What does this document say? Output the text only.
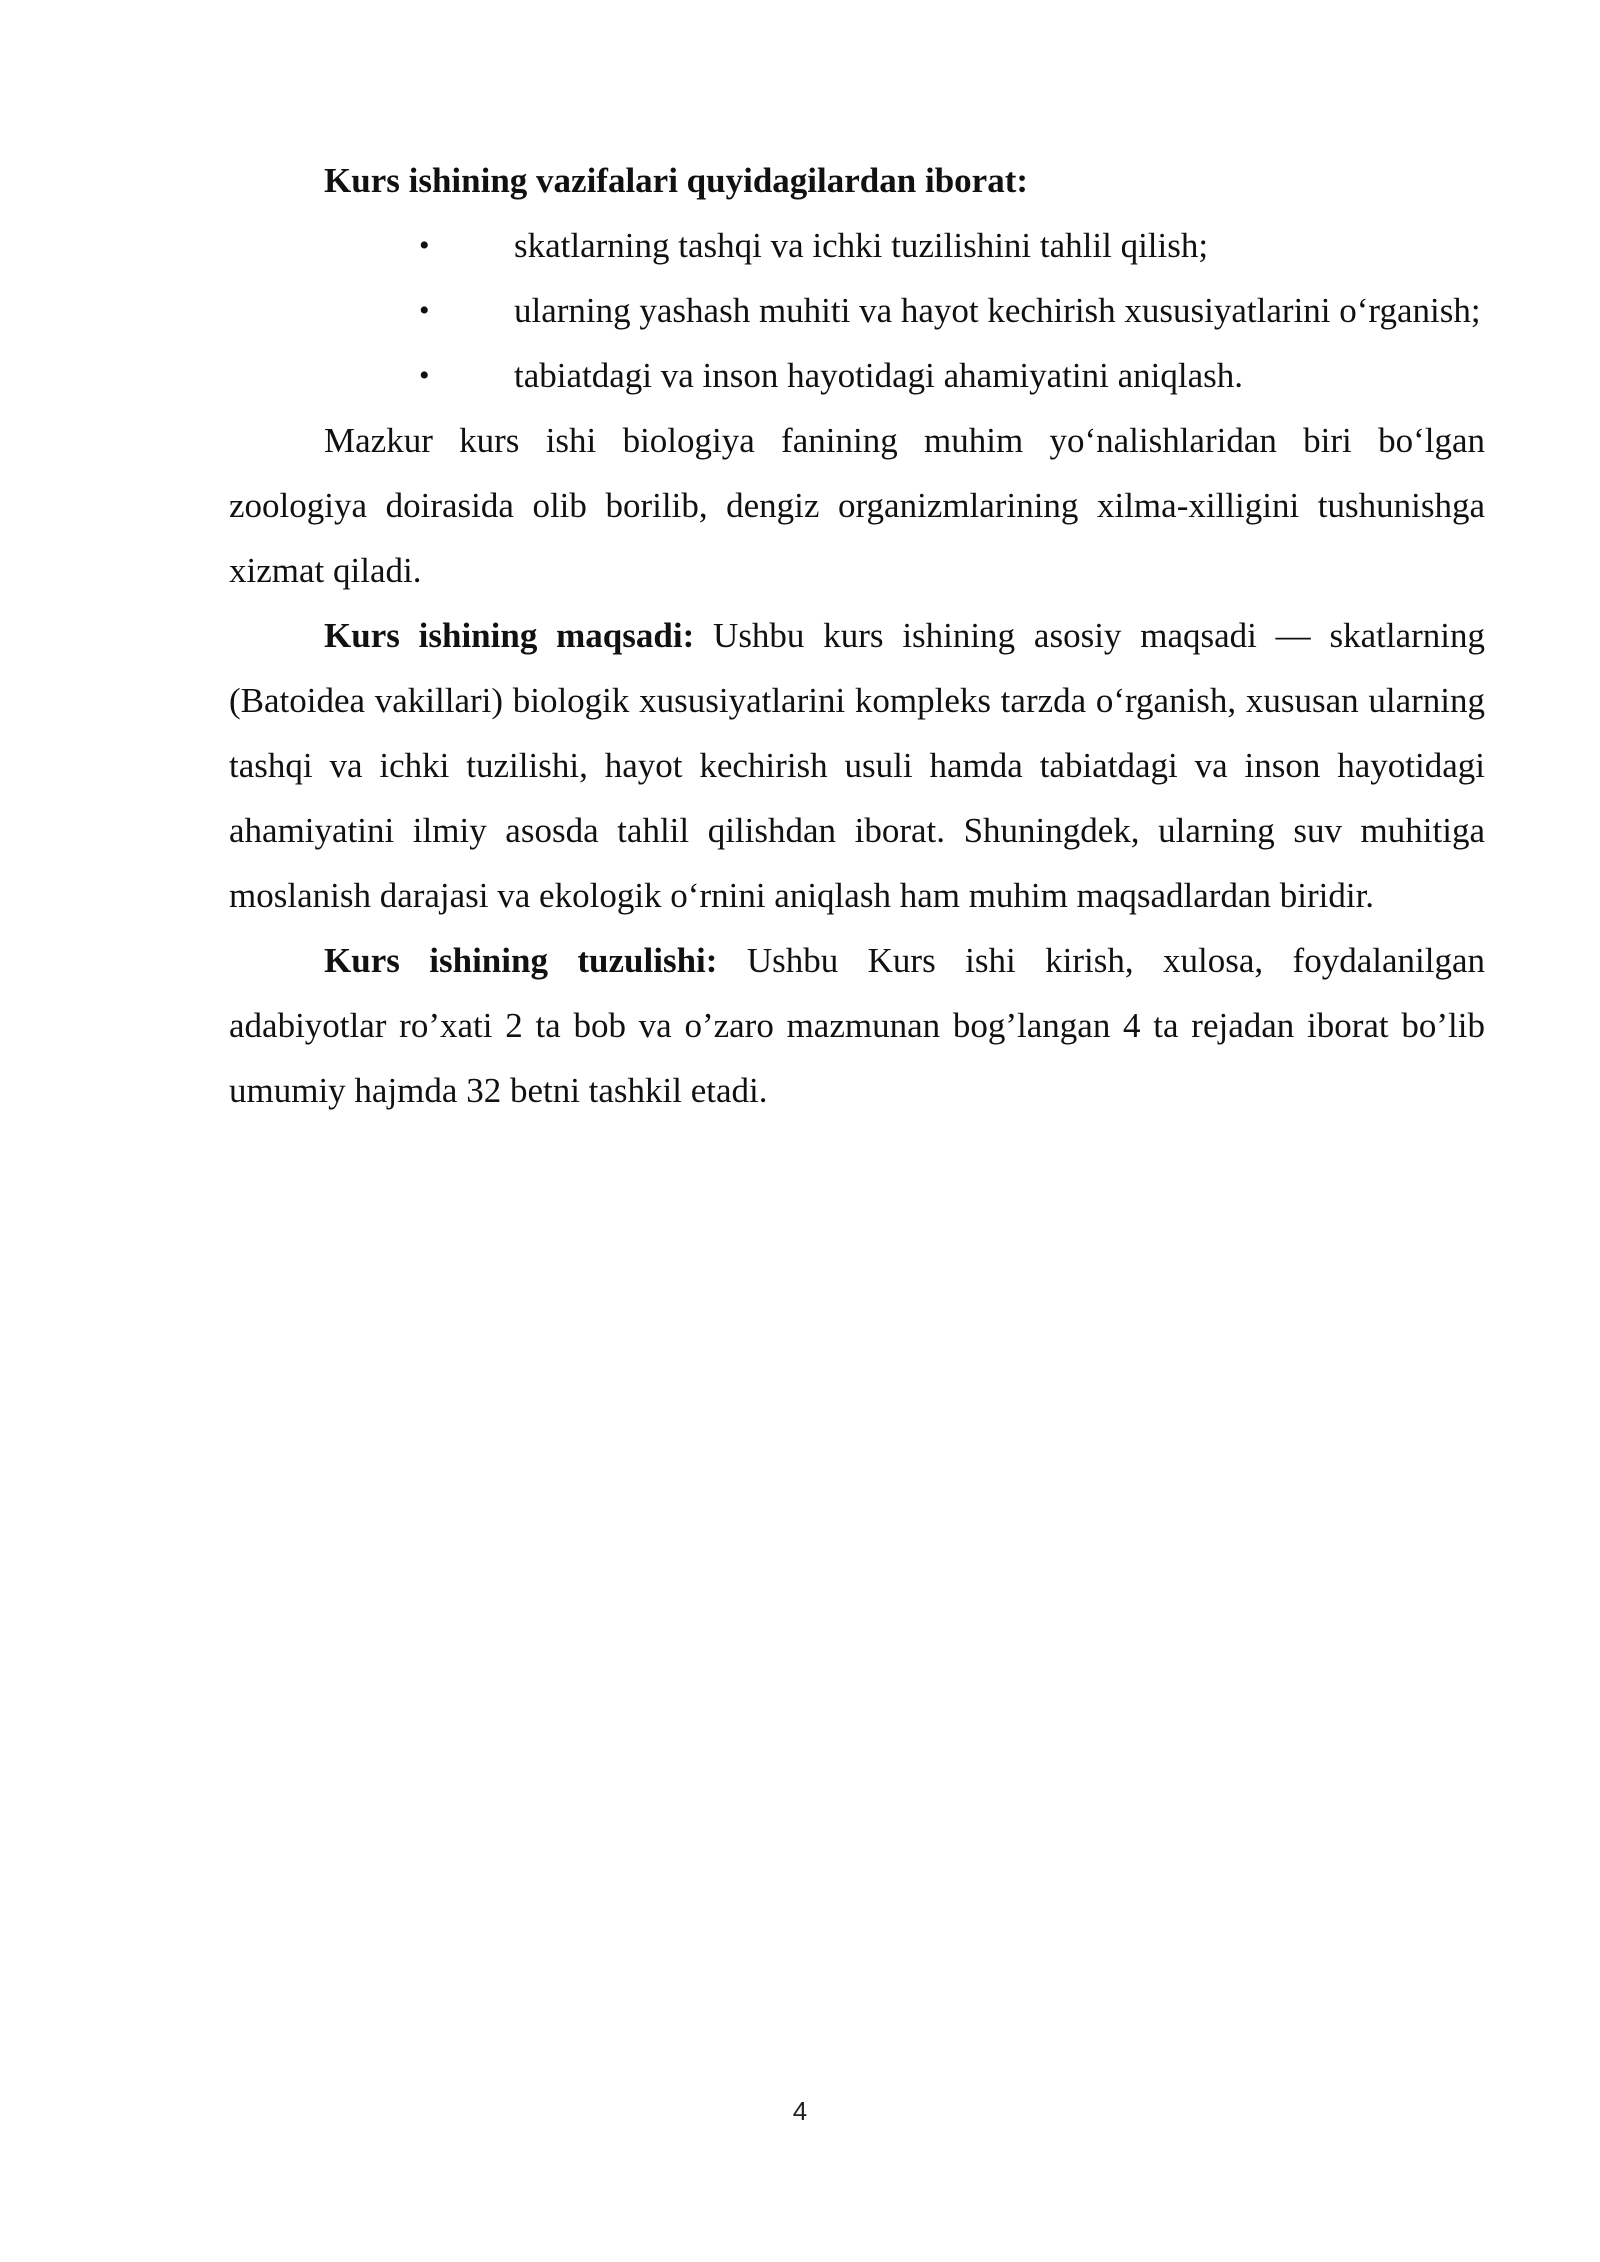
Kurs ishining vazifalari quyidagilardan iborat:

• skatlarning tashqi va ichki tuzilishini tahlil qilish;
• ularning yashash muhiti va hayot kechirish xususiyatlarini o‘rganish;
• tabiatdagi va inson hayotidagi ahamiyatini aniqlash.

Mazkur kurs ishi biologiya fanining muhim yo‘nalishlaridan biri bo‘lgan zoologiya doirasida olib borilib, dengiz organizmlarining xilma-xilligini tushunishga xizmat qiladi.

Kurs ishining maqsadi: Ushbu kurs ishining asosiy maqsadi — skatlarning (Batoidea vakillari) biologik xususiyatlarini kompleks tarzda o‘rganish, xususan ularning tashqi va ichki tuzilishi, hayot kechirish usuli hamda tabiatdagi va inson hayotidagi ahamiyatini ilmiy asosda tahlil qilishdan iborat. Shuningdek, ularning suv muhitiga moslanish darajasi va ekologik o‘rnini aniqlash ham muhim maqsadlardan biridir.

Kurs ishining tuzulishi: Ushbu Kurs ishi kirish, xulosa, foydalanilgan adabiyotlar ro’xati 2 ta bob va o’zaro mazmunan bog’langan 4 ta rejadan iborat bo’lib umumiy hajmda 32 betni tashkil etadi.

4
